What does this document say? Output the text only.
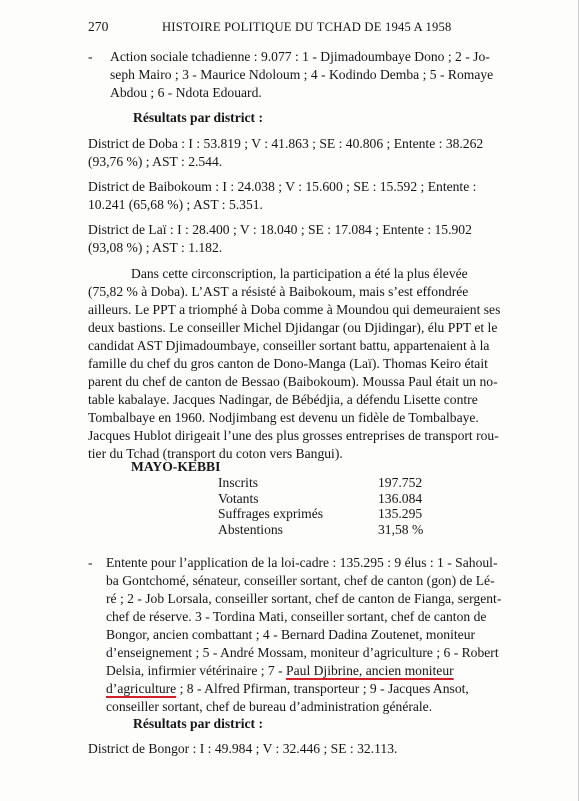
270	HISTOIRE POLITIQUE DU TCHAD DE 1945 A 1958
- Action sociale tchadienne : 9.077 : 1 - Djimadoumbaye Dono ; 2 - Jo-
seph Mairo ; 3 - Maurice Ndoloum ; 4 - Kodindo Demba ; 5 - Romaye
Abdou ; 6 - Ndota Edouard.
Résultats par district :
District de Doba : I : 53.819 ; V : 41.863 ; SE : 40.806 ; Entente : 38.262
(93,76 %) ; AST : 2.544.
District de Baibokoum : I : 24.038 ; V : 15.600 ; SE : 15.592 ; Entente :
10.241 (65,68 %) ; AST : 5.351.
District de Laï : I : 28.400 ; V : 18.040 ; SE : 17.084 ; Entente : 15.902
(93,08 %) ; AST : 1.182.
Dans cette circonscription, la participation a été la plus élevée
(75,82 % à Doba). L’AST a résisté à Baibokoum, mais s’est effondrée
ailleurs. Le PPT a triomphé à Doba comme à Moundou qui demeuraient ses
deux bastions. Le conseiller Michel Djidangar (ou Djidingar), élu PPT et le
candidat AST Djimadoumbaye, conseiller sortant battu, appartenaient à la
famille du chef du gros canton de Dono-Manga (Laï). Thomas Keiro était
parent du chef de canton de Bessao (Baibokoum). Moussa Paul était un no-
table kabalaye. Jacques Nadingar, de Bébédjia, a défendu Lisette contre
Tombalbaye en 1960. Nodjimbang est devenu un fidèle de Tombalbaye.
Jacques Hublot dirigeait l’une des plus grosses entreprises de transport rou-
tier du Tchad (transport du coton vers Bangui).
MAYO-KEBBI
Inscrits	197.752
Votants	136.084
Suffrages exprimés	135.295
Abstentions	31,58 %
- Entente pour l’application de la loi-cadre : 135.295 : 9 élus : 1 - Sahoul-
ba Gontchomé, sénateur, conseiller sortant, chef de canton (gon) de Lé-
ré ; 2 - Job Lorsala, conseiller sortant, chef de canton de Fianga, sergent-
chef de réserve. 3 - Tordina Mati, conseiller sortant, chef de canton de
Bongor, ancien combattant ; 4 - Bernard Dadina Zoutenet, moniteur
d’enseignement ; 5 - André Mossam, moniteur d’agriculture ; 6 - Robert
Delsia, infirmier vétérinaire ; 7 - Paul Djibrine, ancien moniteur
d’agriculture ; 8 - Alfred Pfirman, transporteur ; 9 - Jacques Ansot,
conseiller sortant, chef de bureau d’administration générale.
Résultats par district :
District de Bongor : I : 49.984 ; V : 32.446 ; SE : 32.113.
